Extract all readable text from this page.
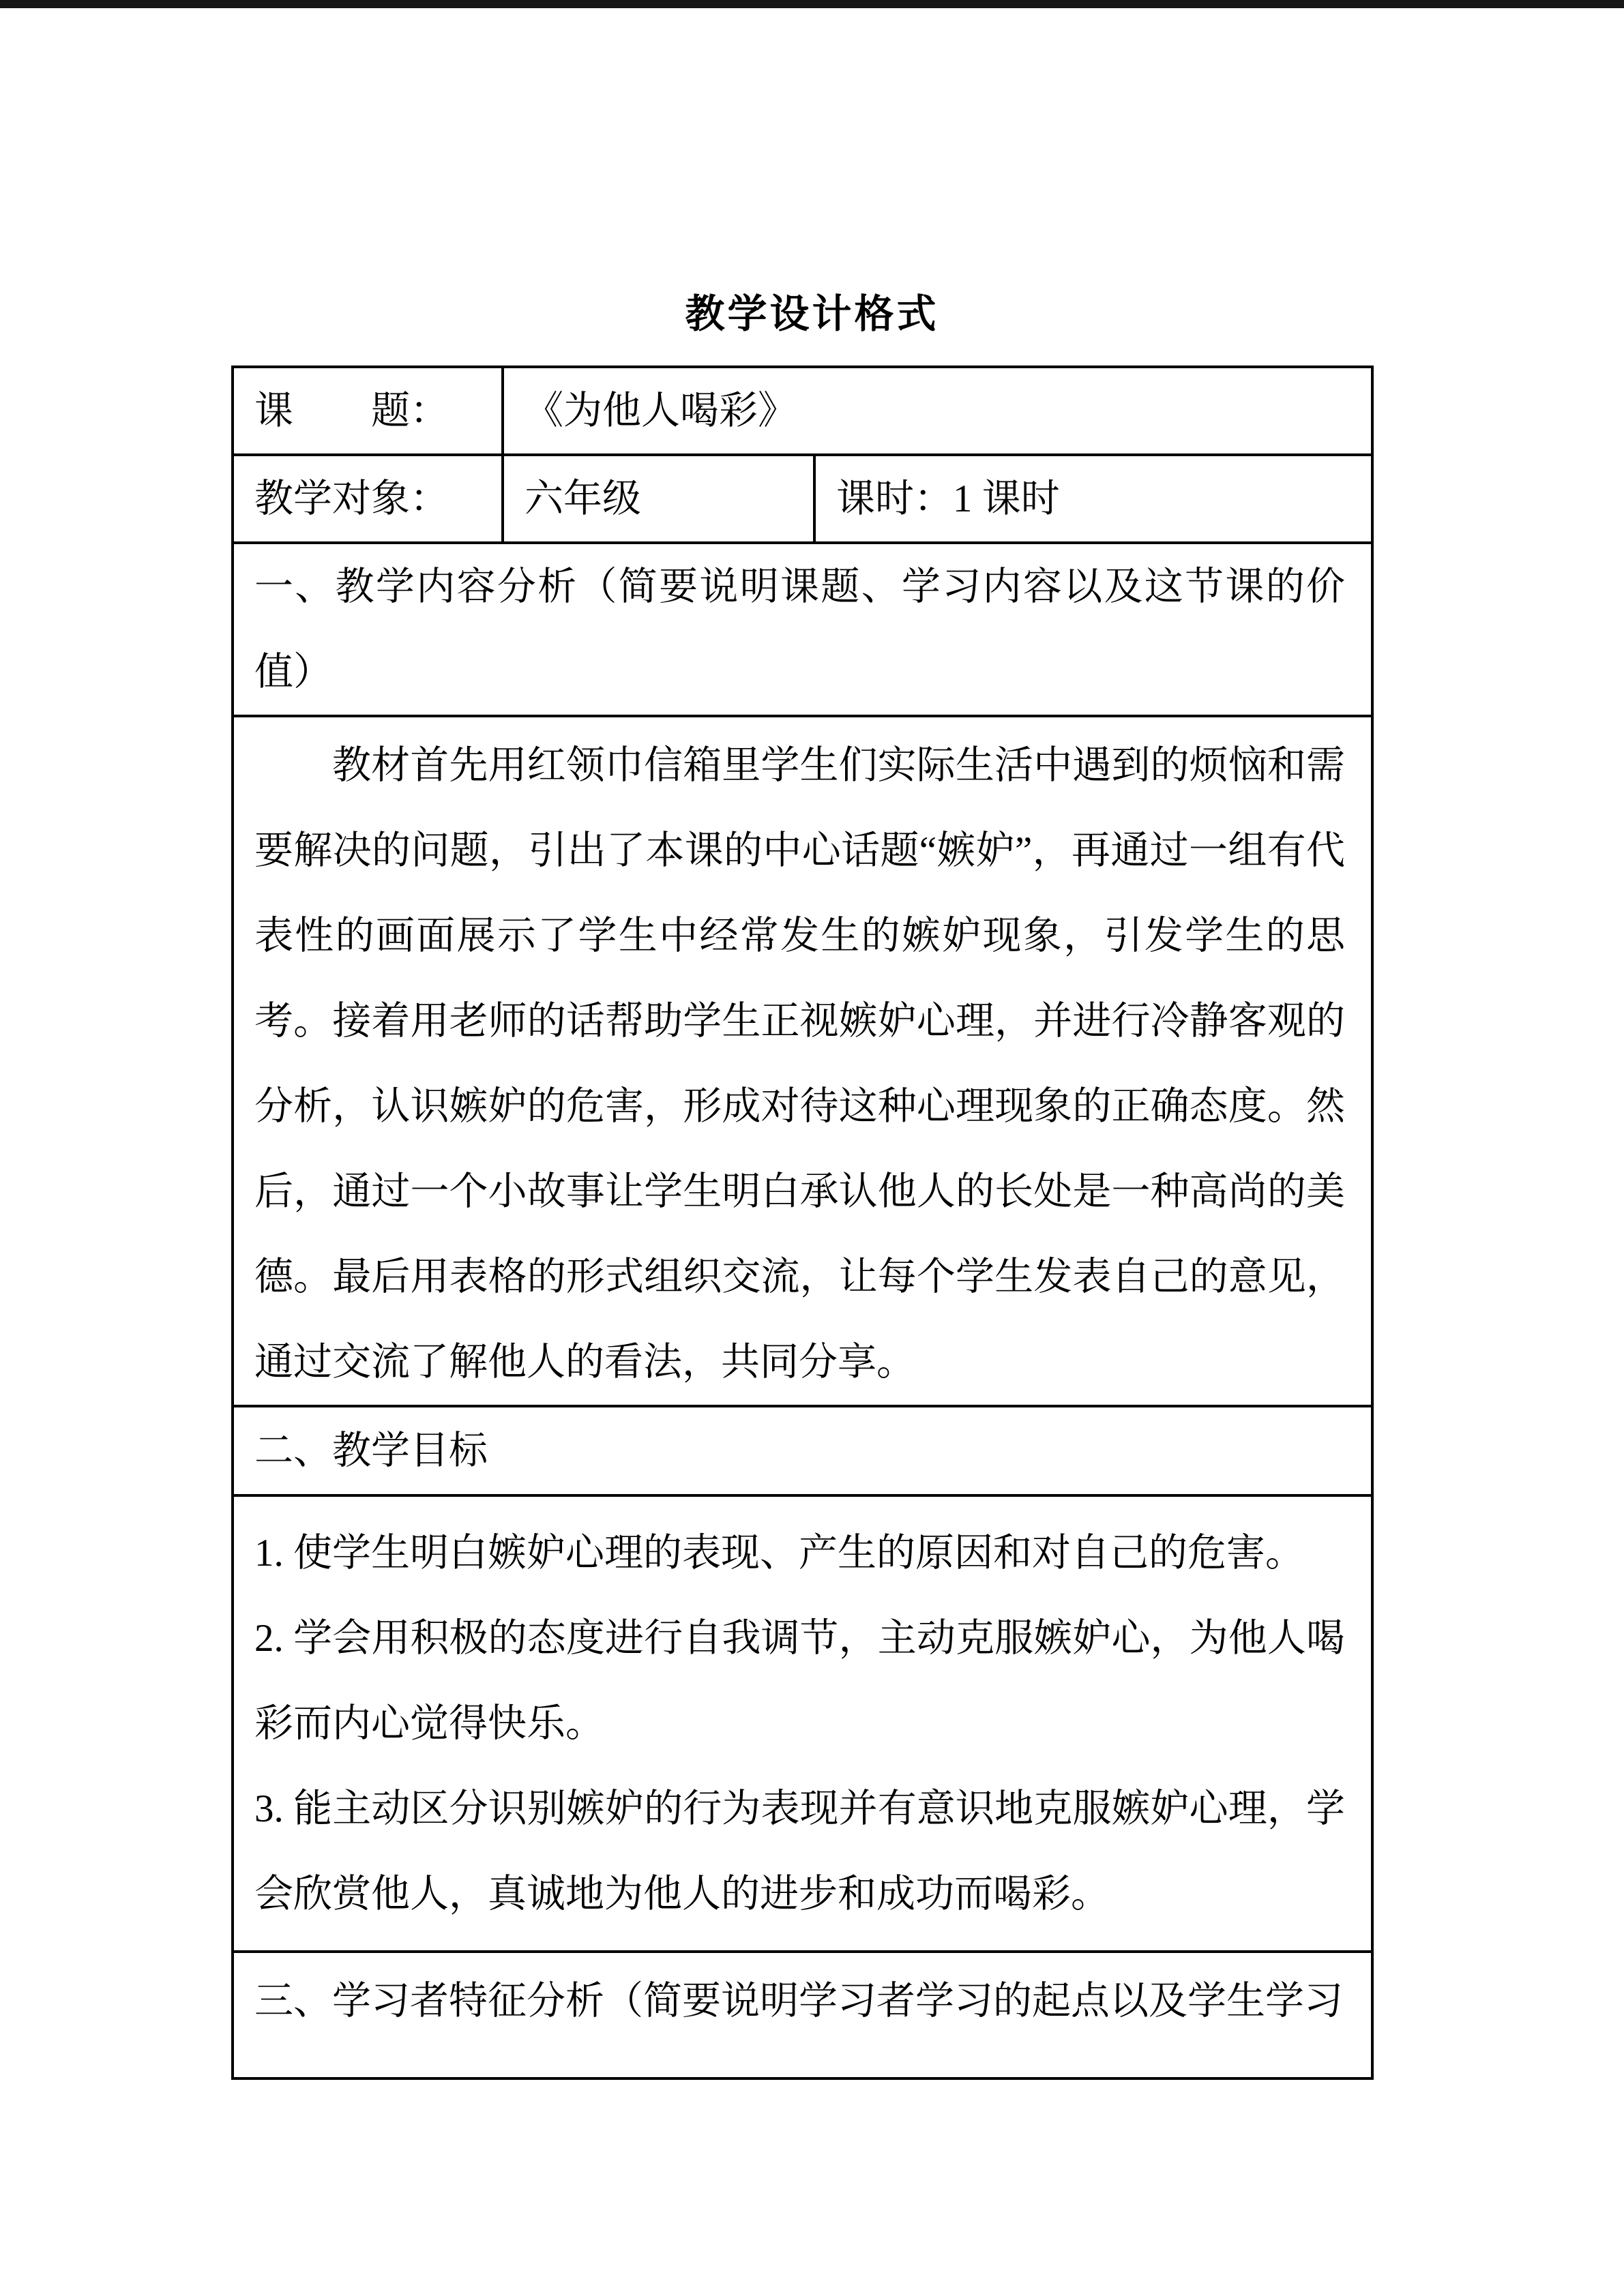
教学设计格式
课　　题：	《为他人喝彩》	

教学对象：	六年级	课时：1 课时

一、教学内容分析（简要说明课题、学习内容以及这节课的价值）		

教材首先用红领巾信箱里学生们实际生活中遇到的烦恼和需要解决的问题，引出了本课的中心话题“嫉妒”，再通过一组有代表性的画面展示了学生中经常发生的嫉妒现象，引发学生的思考。接着用老师的话帮助学生正视嫉妒心理，并进行冷静客观的分析，认识嫉妒的危害，形成对待这种心理现象的正确态度。然后，通过一个小故事让学生明白承认他人的长处是一种高尚的美德。最后用表格的形式组织交流，让每个学生发表自己的意见，通过交流了解他人的看法，共同分享。		

二、教学目标		

1. 使学生明白嫉妒心理的表现、产生的原因和对自己的危害。

2. 学会用积极的态度进行自我调节，主动克服嫉妒心，为他人喝彩而内心觉得快乐。

3. 能主动区分识别嫉妒的行为表现并有意识地克服嫉妒心理，学会欣赏他人，真诚地为他人的进步和成功而喝彩。		

三、学习者特征分析（简要说明学习者学习的起点以及学生学习		
